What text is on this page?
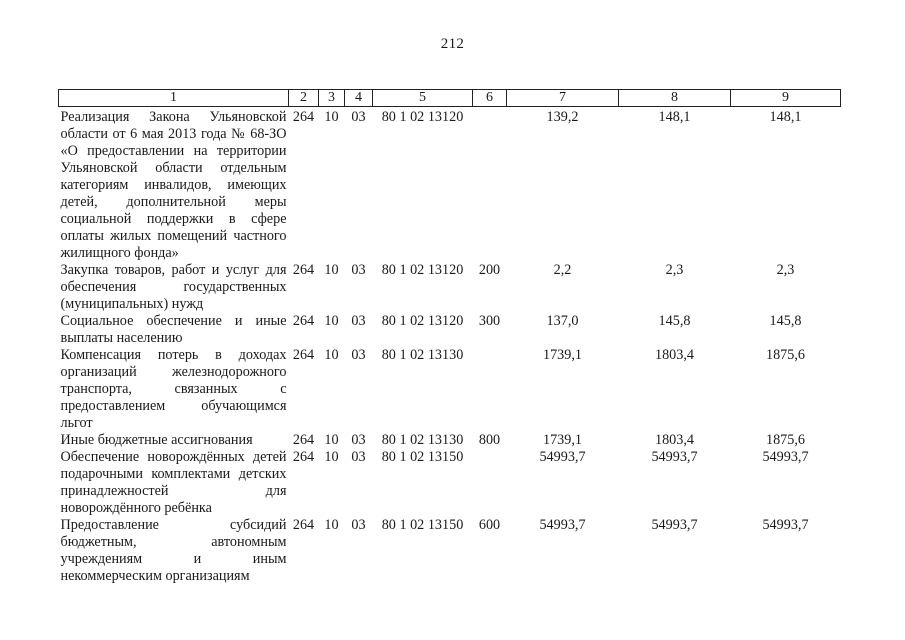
212
1	2	3	4	5	6	7	8	9
Реализация Закона Ульяновской области от 6 мая 2013 года № 68-ЗО «О предоставлении на территории Ульяновской области отдельным категориям инвалидов, имеющих детей, дополнительной меры социальной поддержки в сфере оплаты жилых помещений частного жилищного фонда»	264	10	03	80 1 02 13120		139,2	148,1	148,1
Закупка товаров, работ и услуг для обеспечения государственных (муниципальных) нужд	264	10	03	80 1 02 13120	200	2,2	2,3	2,3
Социальное обеспечение и иные выплаты населению	264	10	03	80 1 02 13120	300	137,0	145,8	145,8
Компенсация потерь в доходах организаций железнодорожного транспорта, связанных с предоставлением обучающимся льгот	264	10	03	80 1 02 13130		1739,1	1803,4	1875,6
Иные бюджетные ассигнования	264	10	03	80 1 02 13130	800	1739,1	1803,4	1875,6
Обеспечение новорождённых детей подарочными комплектами детских принадлежностей для новорождённого ребёнка	264	10	03	80 1 02 13150		54993,7	54993,7	54993,7
Предоставление субсидий бюджетным, автономным учреждениям и иным некоммерческим организациям	264	10	03	80 1 02 13150	600	54993,7	54993,7	54993,7
